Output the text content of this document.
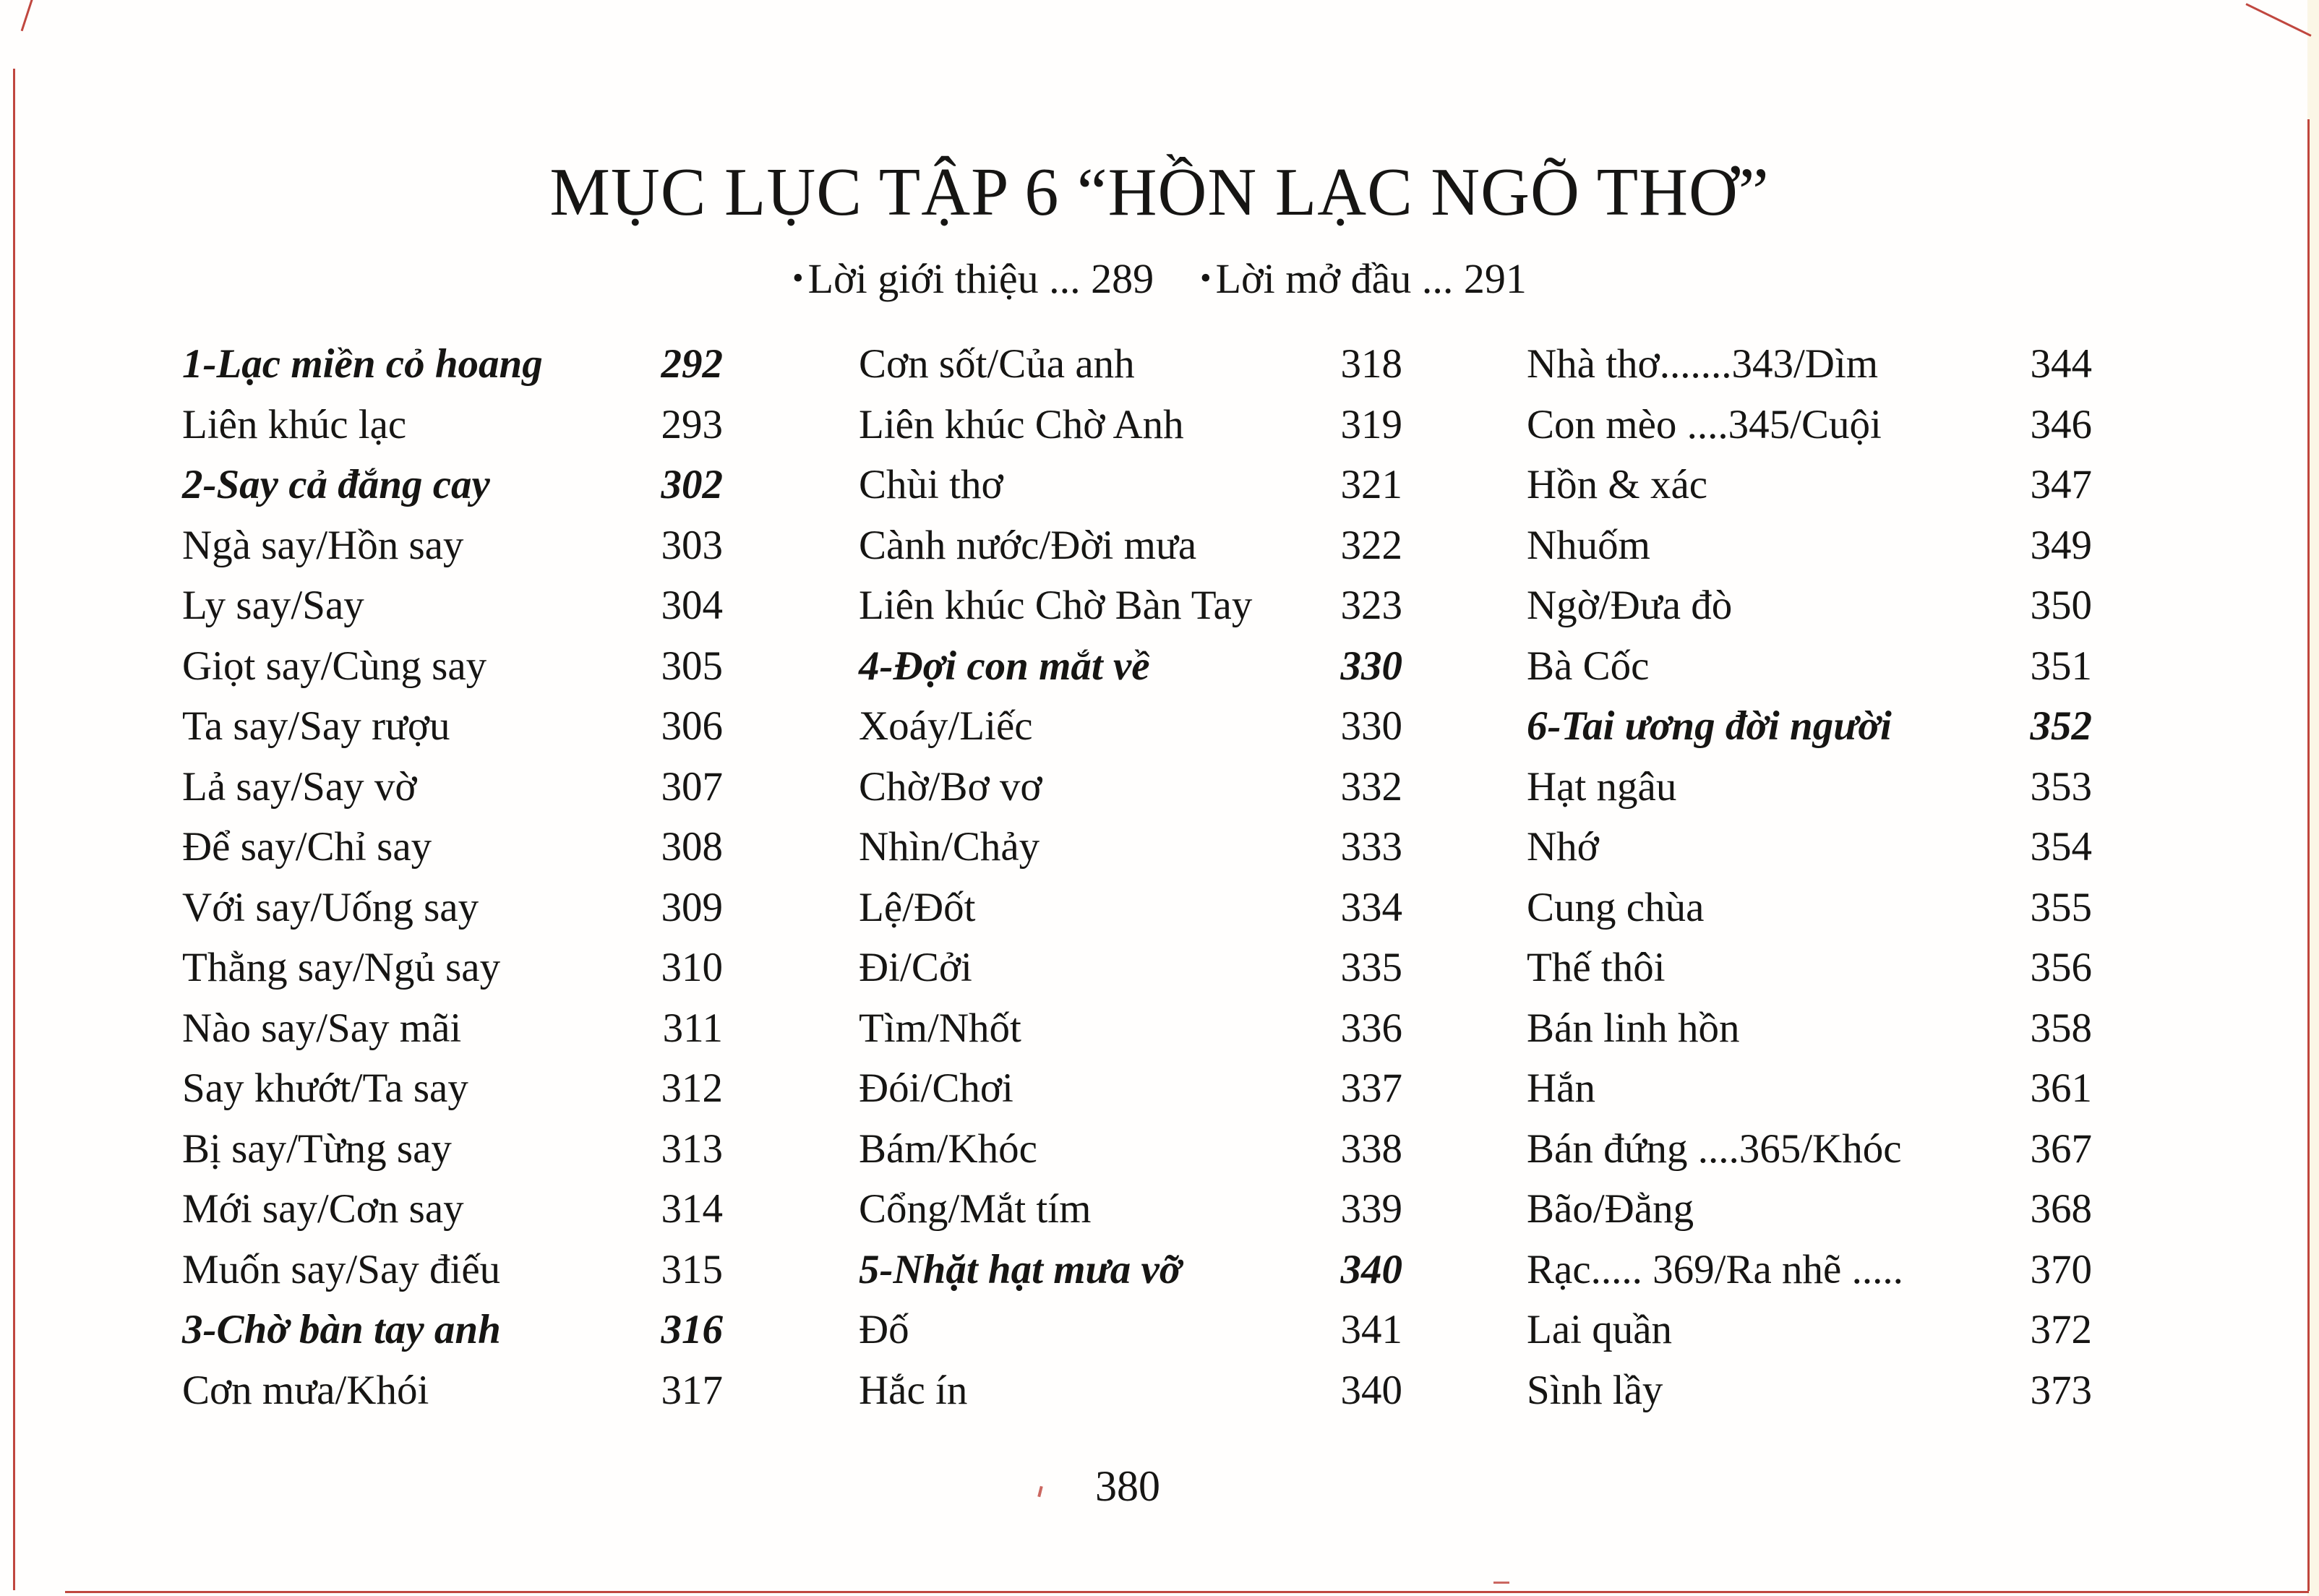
MỤC LỤC TẬP 6 “HỒN LẠC NGÕ THƠ”
• Lời giới thiệu ... 289 • Lời mở đầu ... 291
1-Lạc miền cỏ hoang	292
Liên khúc lạc	293
2-Say cả đắng cay	302
Ngà say/Hồn say	303
Ly say/Say	304
Giọt say/Cùng say	305
Ta say/Say rượu	306
Lả say/Say vờ	307
Để say/Chỉ say	308
Với say/Uống say	309
Thằng say/Ngủ say	310
Nào say/Say mãi	311
Say khướt/Ta say	312
Bị say/Từng say	313
Mới say/Cơn say	314
Muốn say/Say điếu	315
3-Chờ bàn tay anh	316
Cơn mưa/Khói	317
Cơn sốt/Của anh	318
Liên khúc Chờ Anh	319
Chùi thơ	321
Cành nước/Đời mưa	322
Liên khúc Chờ Bàn Tay 323
4-Đợi con mắt về	330
Xoáy/Liếc	330
Chờ/Bơ vơ	332
Nhìn/Chảy	333
Lệ/Đốt	334
Đi/Cởi	335
Tìm/Nhốt	336
Đói/Chơi	337
Bám/Khóc	338
Cổng/Mắt tím	339
5-Nhặt hạt mưa vỡ	340
Đố	341
Hắc ín	340
Nhà thơ.......343/Dìm	344
Con mèo ....345/Cuội	346
Hồn & xác	347
Nhuốm	349
Ngờ/Đưa đò	350
Bà Cốc	351
6-Tai ương đời người	352
Hạt ngâu	353
Nhớ	354
Cung chùa	355
Thế thôi	356
Bán linh hồn	358
Hắn	361
Bán đứng ....365/Khóc	367
Bão/Đằng	368
Rạc..... 369/Ra nhẽ .....	370
Lai quần	372
Sình lầy	373
380
